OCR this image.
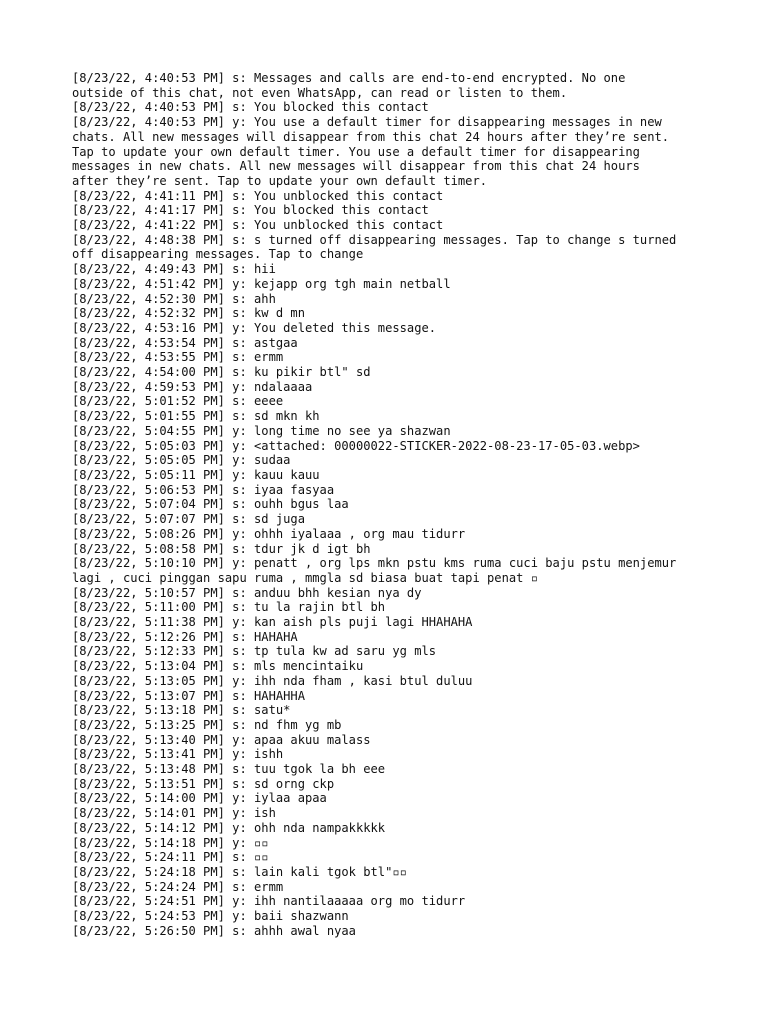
[8/23/22, 4:40:53 PM] s: Messages and calls are end-to-end encrypted. No one
outside of this chat, not even WhatsApp, can read or listen to them.
[8/23/22, 4:40:53 PM] s: You blocked this contact
[8/23/22, 4:40:53 PM] y: You use a default timer for disappearing messages in new
chats. All new messages will disappear from this chat 24 hours after they’re sent.
Tap to update your own default timer. You use a default timer for disappearing
messages in new chats. All new messages will disappear from this chat 24 hours
after they’re sent. Tap to update your own default timer.
[8/23/22, 4:41:11 PM] s: You unblocked this contact
[8/23/22, 4:41:17 PM] s: You blocked this contact
[8/23/22, 4:41:22 PM] s: You unblocked this contact
[8/23/22, 4:48:38 PM] s: s turned off disappearing messages. Tap to change s turned
off disappearing messages. Tap to change
[8/23/22, 4:49:43 PM] s: hii
[8/23/22, 4:51:42 PM] y: kejapp org tgh main netball
[8/23/22, 4:52:30 PM] s: ahh
[8/23/22, 4:52:32 PM] s: kw d mn
[8/23/22, 4:53:16 PM] y: You deleted this message.
[8/23/22, 4:53:54 PM] s: astgaa
[8/23/22, 4:53:55 PM] s: ermm
[8/23/22, 4:54:00 PM] s: ku pikir btl" sd
[8/23/22, 4:59:53 PM] y: ndalaaaa
[8/23/22, 5:01:52 PM] s: eeee
[8/23/22, 5:01:55 PM] s: sd mkn kh
[8/23/22, 5:04:55 PM] y: long time no see ya shazwan
[8/23/22, 5:05:03 PM] y: <attached: 00000022-STICKER-2022-08-23-17-05-03.webp>
[8/23/22, 5:05:05 PM] y: sudaa
[8/23/22, 5:05:11 PM] y: kauu kauu
[8/23/22, 5:06:53 PM] s: iyaa fasyaa
[8/23/22, 5:07:04 PM] s: ouhh bgus laa
[8/23/22, 5:07:07 PM] s: sd juga
[8/23/22, 5:08:26 PM] y: ohhh iyalaaa , org mau tidurr
[8/23/22, 5:08:58 PM] s: tdur jk d igt bh
[8/23/22, 5:10:10 PM] y: penatt , org lps mkn pstu kms ruma cuci baju pstu menjemur
lagi , cuci pinggan sapu ruma , mmgla sd biasa buat tapi penat ▫
[8/23/22, 5:10:57 PM] s: anduu bhh kesian nya dy
[8/23/22, 5:11:00 PM] s: tu la rajin btl bh
[8/23/22, 5:11:38 PM] y: kan aish pls puji lagi HHAHAHA
[8/23/22, 5:12:26 PM] s: HAHAHA
[8/23/22, 5:12:33 PM] s: tp tula kw ad saru yg mls
[8/23/22, 5:13:04 PM] s: mls mencintaiku
[8/23/22, 5:13:05 PM] y: ihh nda fham , kasi btul duluu
[8/23/22, 5:13:07 PM] s: HAHAHHA
[8/23/22, 5:13:18 PM] s: satu*
[8/23/22, 5:13:25 PM] s: nd fhm yg mb
[8/23/22, 5:13:40 PM] y: apaa akuu malass
[8/23/22, 5:13:41 PM] y: ishh
[8/23/22, 5:13:48 PM] s: tuu tgok la bh eee
[8/23/22, 5:13:51 PM] s: sd orng ckp
[8/23/22, 5:14:00 PM] y: iylaa apaa
[8/23/22, 5:14:01 PM] y: ish
[8/23/22, 5:14:12 PM] y: ohh nda nampakkkkk
[8/23/22, 5:14:18 PM] y: ▫▫
[8/23/22, 5:24:11 PM] s: ▫▫
[8/23/22, 5:24:18 PM] s: lain kali tgok btl"▫▫
[8/23/22, 5:24:24 PM] s: ermm
[8/23/22, 5:24:51 PM] y: ihh nantilaaaaa org mo tidurr
[8/23/22, 5:24:53 PM] y: baii shazwann
[8/23/22, 5:26:50 PM] s: ahhh awal nyaa
